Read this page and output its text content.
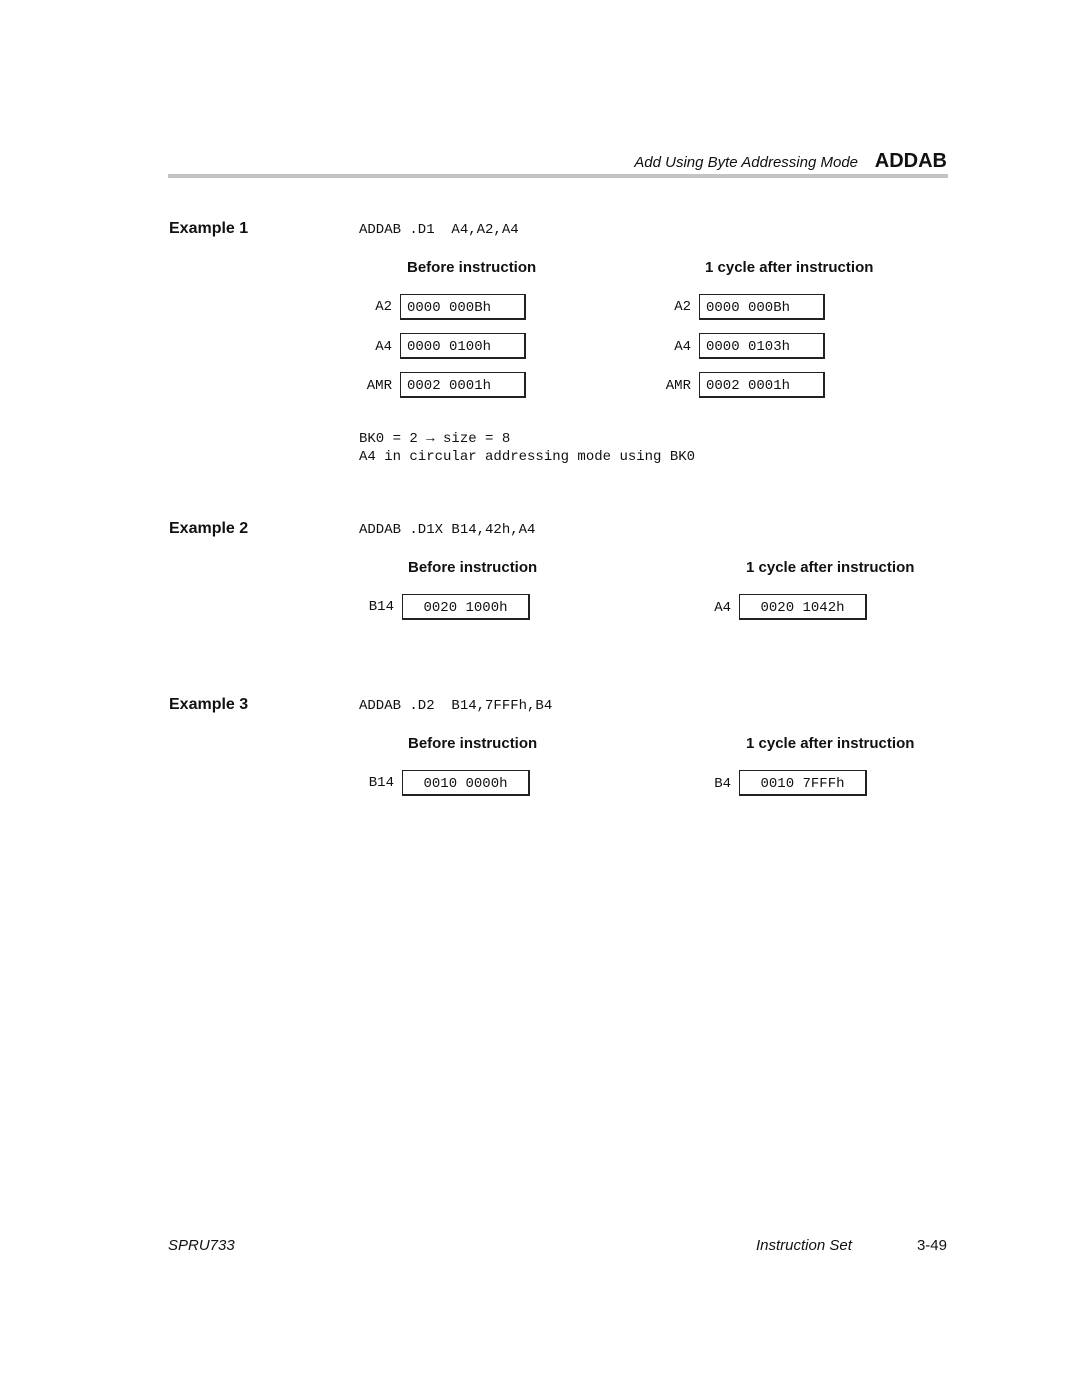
Add Using Byte Addressing Mode ADDAB
Example 1	ADDAB .D1  A4,A2,A4
Before instruction	1 cycle after instruction
A2	0000 000Bh
A4	0000 0100h
AMR	0002 0001h
A2	0000 000Bh
A4	0000 0103h
AMR	0002 0001h
BK0 = 2 → size = 8
A4 in circular addressing mode using BK0
Example 2	ADDAB .D1X B14,42h,A4
Before instruction	1 cycle after instruction
B14	0020 1000h	A4	0020 1042h
Example 3	ADDAB .D2  B14,7FFFh,B4
Before instruction	1 cycle after instruction
B14	0010 0000h	B4	0010 7FFFh
SPRU733	Instruction Set	3-49
